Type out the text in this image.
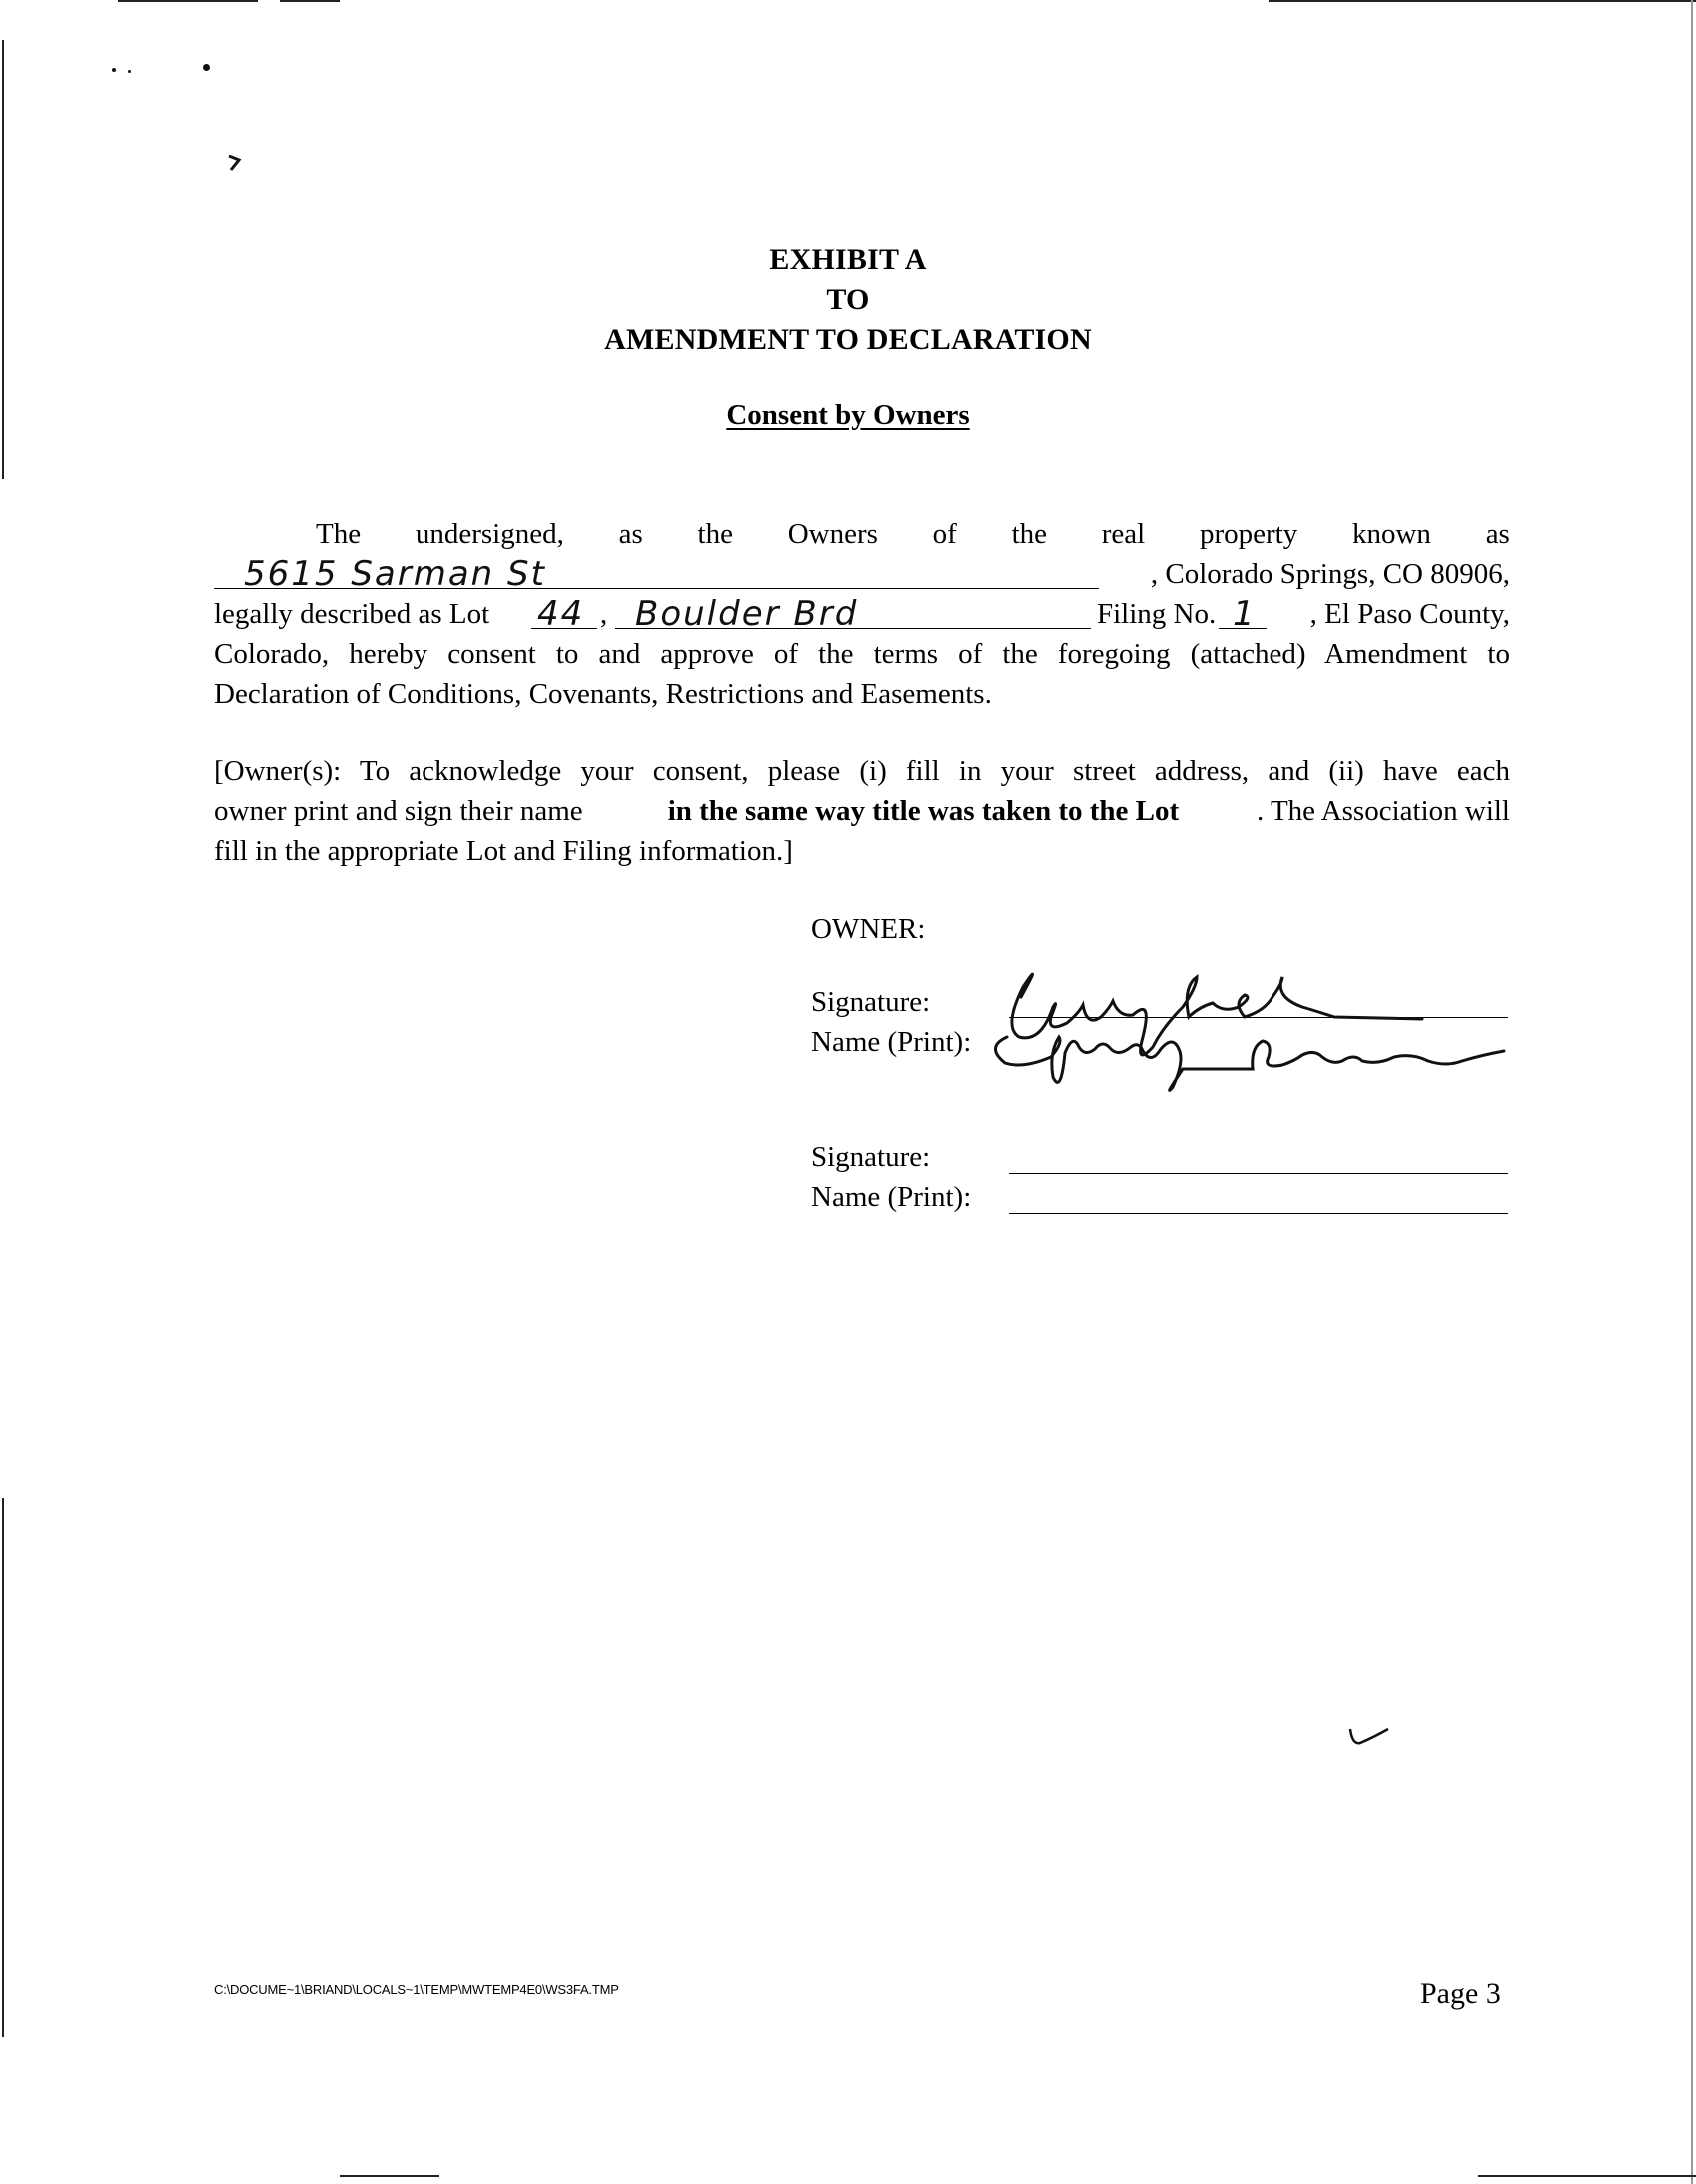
EXHIBIT A
TO
AMENDMENT TO DECLARATION
Consent by Owners
The undersigned, as the Owners of the real property known as
5615 Sarman St	, Colorado Springs, CO 80906,
legally described as Lot 44 , Boulder Brd	Filing No. 1 , El Paso County,
Colorado, hereby consent to and approve of the terms of the foregoing (attached) Amendment to
Declaration of Conditions, Covenants, Restrictions and Easements.
[Owner(s): To acknowledge your consent, please (i) fill in your street address, and (ii) have each
owner print and sign their name	in the same way title was taken to the Lot	. The Association will
fill in the appropriate Lot and Filing information.]
OWNER:
Signature:
Name (Print):
Signature:
Name (Print):
C:\DOCUME~1\BRIAND\LOCALS~1\TEMP\MWTEMP4E0\WS3FA.TMP	Page 3
